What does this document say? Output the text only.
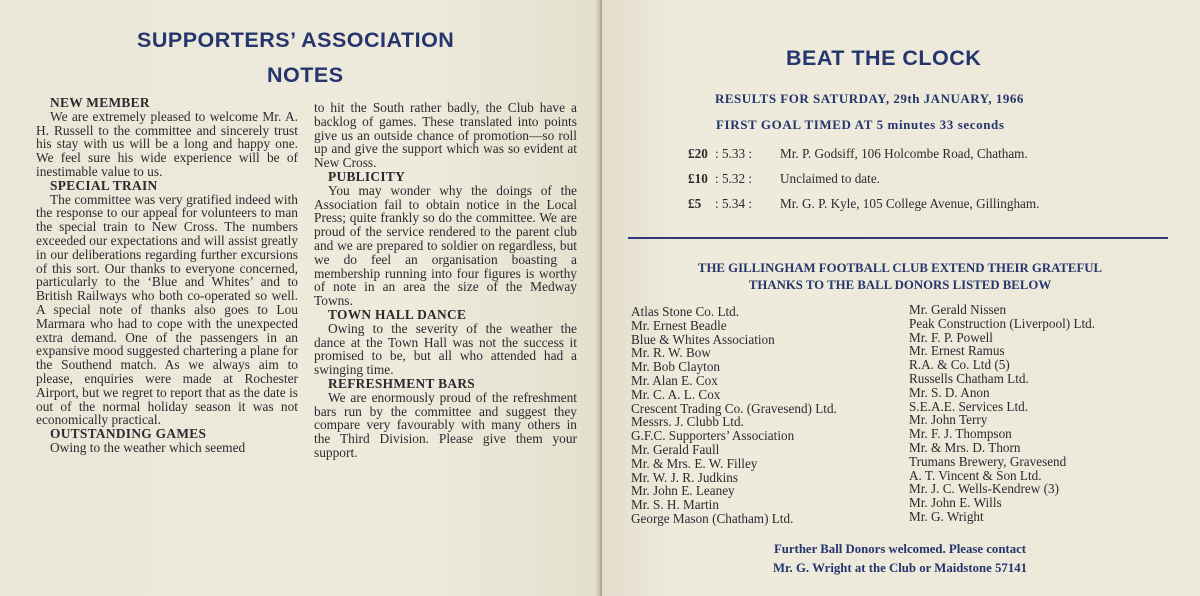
SUPPORTERS’ ASSOCIATION
NOTES

NEW MEMBER

We are extremely pleased to welcome Mr. A. H. Russell to the committee and sincerely trust his stay with us will be a long and happy one. We feel sure his wide experience will be of inestimable value to us.

SPECIAL TRAIN

The committee was very gratified indeed with the response to our appeal for volunteers to man the special train to New Cross. The numbers exceeded our expectations and will assist greatly in our deliberations regarding further excursions of this sort. Our thanks to everyone concerned, particularly to the ‘Blue and Whites’ and to British Railways who both co-operated so well. A special note of thanks also goes to Lou Marmara who had to cope with the unexpected extra demand. One of the passengers in an expansive mood suggested chartering a plane for the Southend match. As we always aim to please, enquiries were made at Rochester Airport, but we regret to report that as the date is out of the normal holiday season it was not economically practical.

OUTSTANDING GAMES

Owing to the weather which seemed

to hit the South rather badly, the Club have a backlog of games. These translated into points give us an outside chance of promotion—so roll up and give the support which was so evident at New Cross.

PUBLICITY

You may wonder why the doings of the Association fail to obtain notice in the Local Press; quite frankly so do the committee. We are proud of the service rendered to the parent club and we are prepared to soldier on regardless, but we do feel an organisation boasting a membership running into four figures is worthy of note in an area the size of the Medway Towns.

TOWN HALL DANCE

Owing to the severity of the weather the dance at the Town Hall was not the success it promised to be, but all who attended had a swinging time.

REFRESHMENT BARS

We are enormously proud of the refreshment bars run by the committee and suggest they compare very favourably with many others in the Third Division. Please give them your support.

BEAT THE CLOCK
RESULTS FOR SATURDAY, 29th JANUARY, 1966
FIRST GOAL TIMED AT 5 minutes 33 seconds
£20 : 5.33 : Mr. P. Godsiff, 106 Holcombe Road, Chatham.
£10 : 5.32 : Unclaimed to date.
£5 : 5.34 : Mr. G. P. Kyle, 105 College Avenue, Gillingham.
THE GILLINGHAM FOOTBALL CLUB EXTEND THEIR GRATEFUL
THANKS TO THE BALL DONORS LISTED BELOW
Atlas Stone Co. Ltd.
Mr. Ernest Beadle
Blue & Whites Association
Mr. R. W. Bow
Mr. Bob Clayton
Mr. Alan E. Cox
Mr. C. A. L. Cox
Crescent Trading Co. (Gravesend) Ltd.
Messrs. J. Clubb Ltd.
G.F.C. Supporters’ Association
Mr. Gerald Faull
Mr. & Mrs. E. W. Filley
Mr. W. J. R. Judkins
Mr. John E. Leaney
Mr. S. H. Martin
George Mason (Chatham) Ltd.
Mr. Gerald Nissen
Peak Construction (Liverpool) Ltd.
Mr. F. P. Powell
Mr. Ernest Ramus
R.A. & Co. Ltd (5)
Russells Chatham Ltd.
Mr. S. D. Anon
S.E.A.E. Services Ltd.
Mr. John Terry
Mr. F. J. Thompson
Mr. & Mrs. D. Thorn
Trumans Brewery, Gravesend
A. T. Vincent & Son Ltd.
Mr. J. C. Wells-Kendrew (3)
Mr. John E. Wills
Mr. G. Wright
Further Ball Donors welcomed. Please contact
Mr. G. Wright at the Club or Maidstone 57141
